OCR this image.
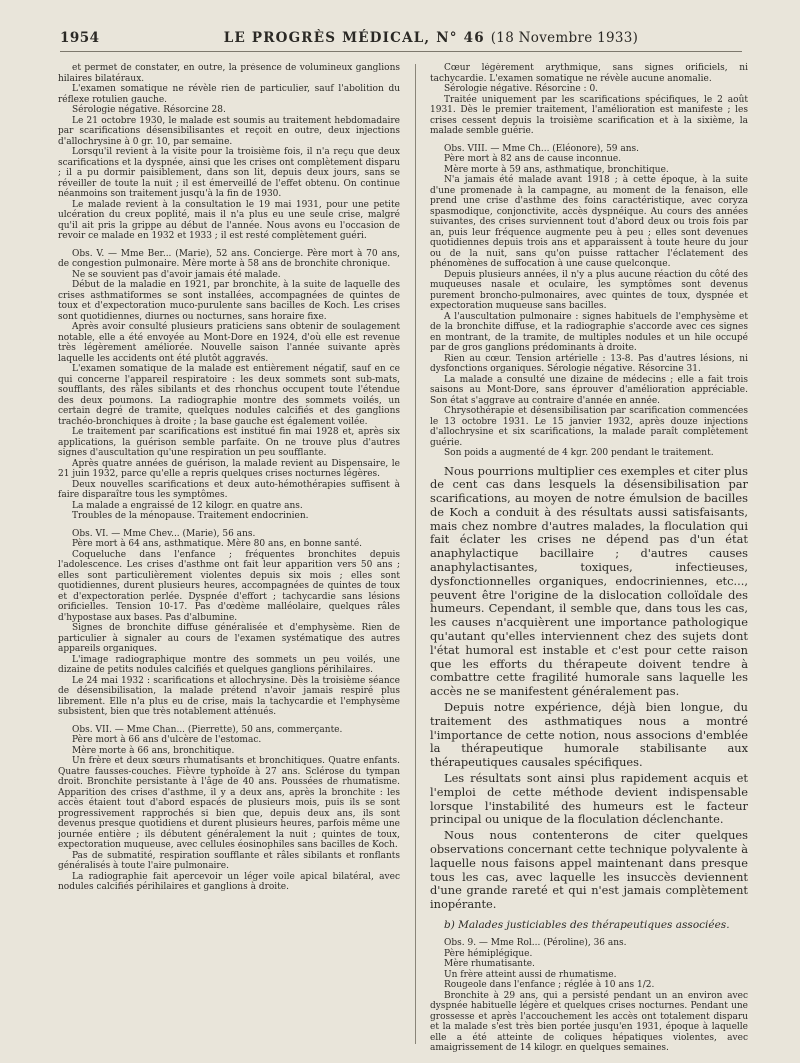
1954	LE PROGRÈS MÉDICAL, N° 46 (18 Novembre 1933)

et permet de constater, en outre, la présence de volumineux ganglions hilaires bilatéraux.

L'examen somatique ne révèle rien de particulier, sauf l'abolition du réflexe rotulien gauche.

Sérologie négative. Résorcine 28.

Le 21 octobre 1930, le malade est soumis au traitement hebdomadaire par scarifications désensibilisantes et reçoit en outre, deux injections d'allochrysine à 0 gr. 10, par semaine.

Lorsqu'il revient à la visite pour la troisième fois, il n'a reçu que deux scarifications et la dyspnée, ainsi que les crises ont complètement disparu ; il a pu dormir paisiblement, dans son lit, depuis deux jours, sans se réveiller de toute la nuit ; il est émerveillé de l'effet obtenu. On continue néanmoins son traitement jusqu'à la fin de 1930.

Le malade revient à la consultation le 19 mai 1931, pour une petite ulcération du creux poplité, mais il n'a plus eu une seule crise, malgré qu'il ait pris la grippe au début de l'année. Nous avons eu l'occasion de revoir ce malade en 1932 et 1933 ; il est resté complètement guéri.

Obs. V. — Mme Ber... (Marie), 52 ans. Concierge. Père mort à 70 ans, de congestion pulmonaire. Mère morte à 58 ans de bronchite chronique.

Ne se souvient pas d'avoir jamais été malade.

Début de la maladie en 1921, par bronchite, à la suite de laquelle des crises asthmatiformes se sont installées, accompagnées de quintes de toux et d'expectoration muco-purulente sans bacilles de Koch. Les crises sont quotidiennes, diurnes ou nocturnes, sans horaire fixe.

Après avoir consulté plusieurs praticiens sans obtenir de soulagement notable, elle a été envoyée au Mont-Dore en 1924, d'où elle est revenue très légèrement améliorée. Nouvelle saison l'année suivante après laquelle les accidents ont été plutôt aggravés.

L'examen somatique de la malade est entièrement négatif, sauf en ce qui concerne l'appareil respiratoire : les deux sommets sont sub-mats, soufflants, des râles sibilants et des rhonchus occupent toute l'étendue des deux poumons. La radiographie montre des sommets voilés, un certain degré de tramite, quelques nodules calcifiés et des ganglions trachéo-bronchiques à droite ; la base gauche est également voilée.

Le traitement par scarifications est institué fin mai 1928 et, après six applications, la guérison semble parfaite. On ne trouve plus d'autres signes d'auscultation qu'une respiration un peu soufflante.

Après quatre années de guérison, la malade revient au Dispensaire, le 21 juin 1932, parce qu'elle a repris quelques crises nocturnes légères.

Deux nouvelles scarifications et deux auto-hémothérapies suffisent à faire disparaître tous les symptômes.

La malade a engraissé de 12 kilogr. en quatre ans.

Troubles de la ménopause. Traitement endocrinien.

Obs. VI. — Mme Chev... (Marie), 56 ans.

Père mort à 64 ans, asthmatique. Mère 80 ans, en bonne santé.

Coqueluche dans l'enfance ; fréquentes bronchites depuis l'adolescence. Les crises d'asthme ont fait leur apparition vers 50 ans ; elles sont particulièrement violentes depuis six mois ; elles sont quotidiennes, durent plusieurs heures, accompagnées de quintes de toux et d'expectoration perlée. Dyspnée d'effort ; tachycardie sans lésions orificielles. Tension 10-17. Pas d'œdème malléolaire, quelques râles d'hypostase aux bases. Pas d'albumine.

Signes de bronchite diffuse généralisée et d'emphysème. Rien de particulier à signaler au cours de l'examen systématique des autres appareils organiques.

L'image radiographique montre des sommets un peu voilés, une dizaine de petits nodules calcifiés et quelques ganglions périhilaires.

Le 24 mai 1932 : scarifications et allochrysine. Dès la troisième séance de désensibilisation, la malade prétend n'avoir jamais respiré plus librement. Elle n'a plus eu de crise, mais la tachycardie et l'emphysème subsistent, bien que très notablement atténués.

Obs. VII. — Mme Chan... (Pierrette), 50 ans, commerçante.

Père mort à 66 ans d'ulcère de l'estomac.

Mère morte à 66 ans, bronchitique.

Un frère et deux sœurs rhumatisants et bronchitiques. Quatre enfants. Quatre fausses-couches. Fièvre typhoïde à 27 ans. Sclérose du tympan droit. Bronchite persistante à l'âge de 40 ans. Poussées de rhumatisme. Apparition des crises d'asthme, il y a deux ans, après la bronchite : les accès étaient tout d'abord espacés de plusieurs mois, puis ils se sont progressivement rapprochés si bien que, depuis deux ans, ils sont devenus presque quotidiens et durent plusieurs heures, parfois même une journée entière ; ils débutent généralement la nuit ; quintes de toux, expectoration muqueuse, avec cellules éosinophiles sans bacilles de Koch.

Pas de submatité, respiration soufflante et râles sibilants et ronflants généralisés à toute l'aire pulmonaire.

La radiographie fait apercevoir un léger voile apical bilatéral, avec nodules calcifiés périhilaires et ganglions à droite.

Cœur légèrement arythmique, sans signes orificiels, ni tachycardie. L'examen somatique ne révèle aucune anomalie.

Sérologie négative. Résorcine : 0.

Traitée uniquement par les scarifications spécifiques, le 2 août 1931. Dès le premier traitement, l'amélioration est manifeste ; les crises cessent depuis la troisième scarification et à la sixième, la malade semble guérie.

Obs. VIII. — Mme Ch... (Eléonore), 59 ans.

Père mort à 82 ans de cause inconnue.

Mère morte à 59 ans, asthmatique, bronchitique.

N'a jamais été malade avant 1918 ; à cette époque, à la suite d'une promenade à la campagne, au moment de la fenaison, elle prend une crise d'asthme des foins caractéristique, avec coryza spasmodique, conjonctivite, accès dyspnéique. Au cours des années suivantes, des crises surviennent tout d'abord deux ou trois fois par an, puis leur fréquence augmente peu à peu ; elles sont devenues quotidiennes depuis trois ans et apparaissent à toute heure du jour ou de la nuit, sans qu'on puisse rattacher l'éclatement des phénomènes de suffocation à une cause quelconque.

Depuis plusieurs années, il n'y a plus aucune réaction du côté des muqueuses nasale et oculaire, les symptômes sont devenus purement broncho-pulmonaires, avec quintes de toux, dyspnée et expectoration muqueuse sans bacilles.

A l'auscultation pulmonaire : signes habituels de l'emphysème et de la bronchite diffuse, et la radiographie s'accorde avec ces signes en montrant, de la tramite, de multiples nodules et un hile occupé par de gros ganglions prédominants à droite.

Rien au cœur. Tension artérielle : 13-8. Pas d'autres lésions, ni dysfonctions organiques. Sérologie négative. Résorcine 31.

La malade a consulté une dizaine de médecins ; elle a fait trois saisons au Mont-Dore, sans éprouver d'amélioration appréciable. Son état s'aggrave au contraire d'année en année.

Chrysothérapie et désensibilisation par scarification commencées le 13 octobre 1931. Le 15 janvier 1932, après douze injections d'allochrysine et six scarifications, la malade paraît complètement guérie.

Son poids a augmenté de 4 kgr. 200 pendant le traitement.

Nous pourrions multiplier ces exemples et citer plus de cent cas dans lesquels la désensibilisation par scarifications, au moyen de notre émulsion de bacilles de Koch a conduit à des résultats aussi satisfaisants, mais chez nombre d'autres malades, la floculation qui fait éclater les crises ne dépend pas d'un état anaphylactique bacillaire ; d'autres causes anaphylactisantes, toxiques, infectieuses, dysfonctionnelles organiques, endocriniennes, etc..., peuvent être l'origine de la dislocation colloïdale des humeurs. Cependant, il semble que, dans tous les cas, les causes n'acquièrent une importance pathologique qu'autant qu'elles interviennent chez des sujets dont l'état humoral est instable et c'est pour cette raison que les efforts du thérapeute doivent tendre à combattre cette fragilité humorale sans laquelle les accès ne se manifestent généralement pas.

Depuis notre expérience, déjà bien longue, du traitement des asthmatiques nous a montré l'importance de cette notion, nous associons d'emblée la thérapeutique humorale stabilisante aux thérapeutiques causales spécifiques.

Les résultats sont ainsi plus rapidement acquis et l'emploi de cette méthode devient indispensable lorsque l'instabilité des humeurs est le facteur principal ou unique de la floculation déclenchante.

Nous nous contenterons de citer quelques observations concernant cette technique polyvalente à laquelle nous faisons appel maintenant dans presque tous les cas, avec laquelle les insuccès deviennent d'une grande rareté et qui n'est jamais complètement inopérante.

b) Malades justiciables des thérapeutiques associées.

Obs. 9. — Mme Rol... (Péroline), 36 ans.

Père hémiplégique.

Mère rhumatisante.

Un frère atteint aussi de rhumatisme.

Rougeole dans l'enfance ; réglée à 10 ans 1/2.

Bronchite à 29 ans, qui a persisté pendant un an environ avec dyspnée habituelle légère et quelques crises nocturnes. Pendant une grossesse et après l'accouchement les accès ont totalement disparu et la malade s'est très bien portée jusqu'en 1931, époque à laquelle elle a été atteinte de coliques hépatiques violentes, avec amaigrissement de 14 kilogr. en quelques semaines.
